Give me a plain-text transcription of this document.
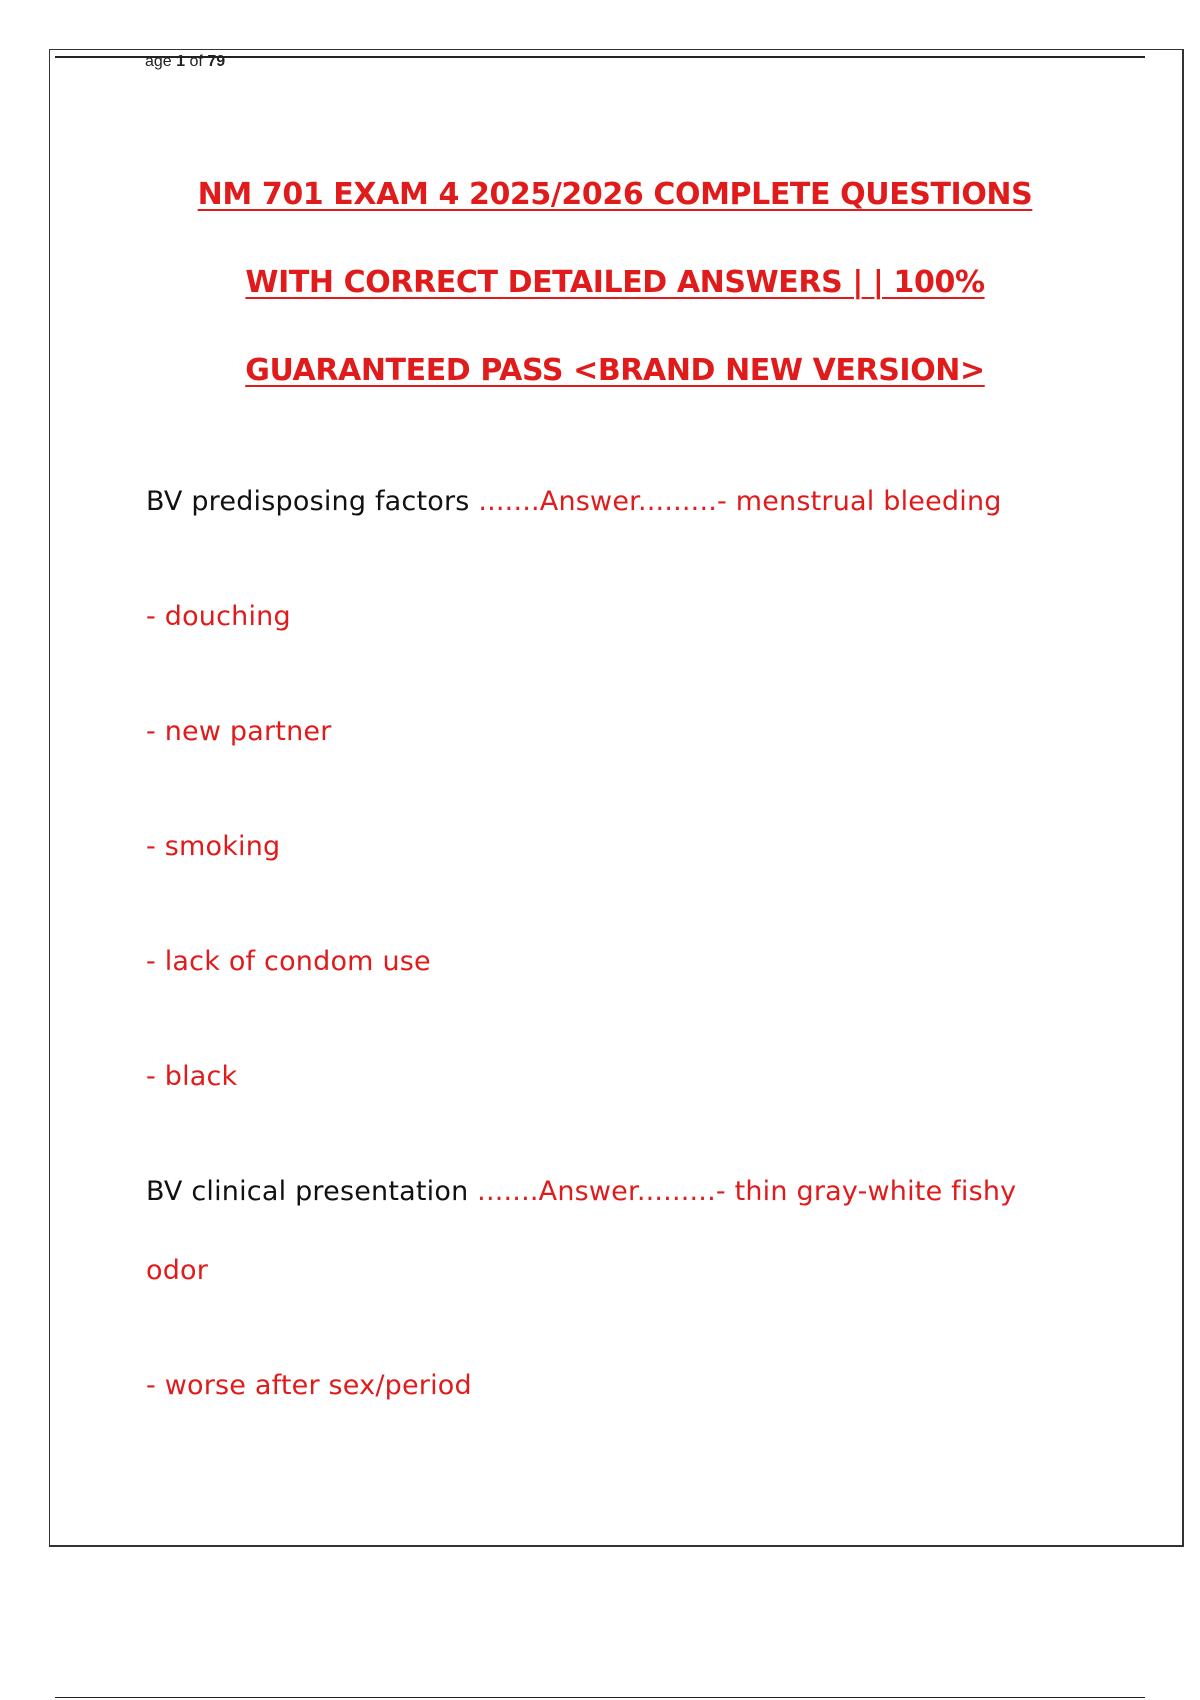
age 1 of 79
NM 701 EXAM 4 2025/2026 COMPLETE QUESTIONS
WITH CORRECT DETAILED ANSWERS | | 100%
GUARANTEED PASS <BRAND NEW VERSION>
BV predisposing factors .......Answer.........- menstrual bleeding
- douching
- new partner
- smoking
- lack of condom use
- black
BV clinical presentation .......Answer.........- thin gray-white fishy
odor
- worse after sex/period
